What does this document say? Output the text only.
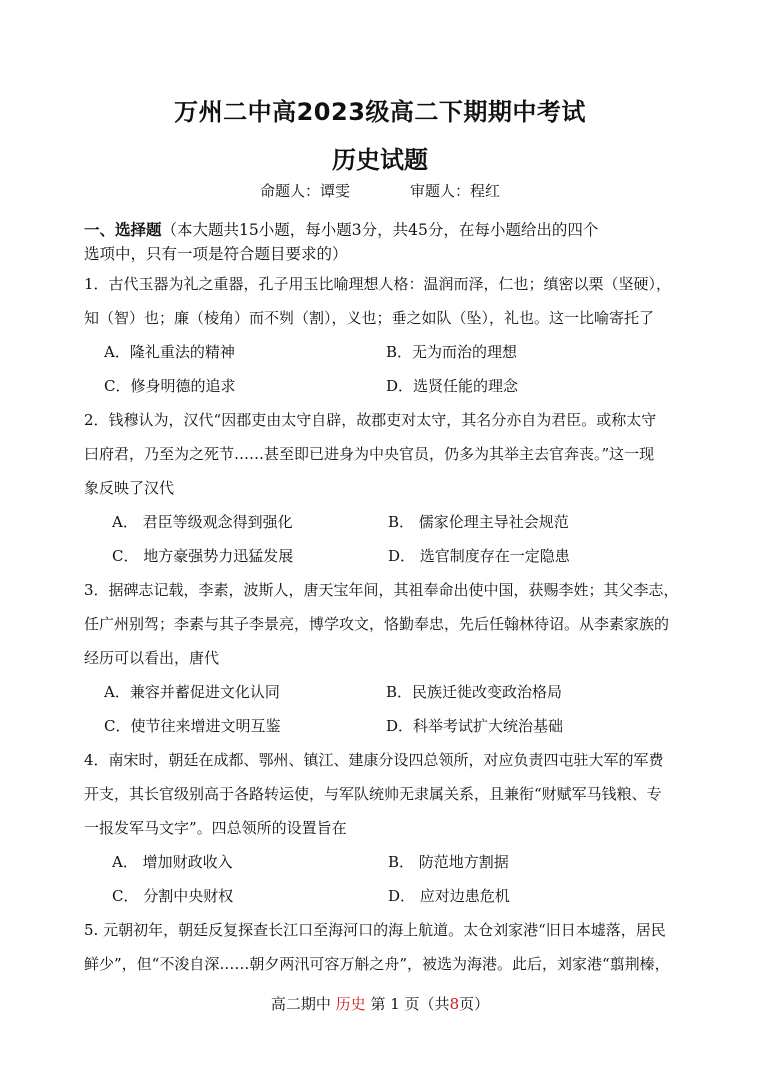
万州二中高2023级高二下期期中考试
历史试题
命题人：谭雯	审题人：程红
一、选择题（本大题共15小题，每小题3分，共45分，在每小题给出的四个
选项中，只有一项是符合题目要求的）
1．古代玉器为礼之重器，孔子用玉比喻理想人格：温润而泽，仁也；缜密以栗（坚硬），
知（智）也；廉（棱角）而不刿（割），义也；垂之如队（坠），礼也。这一比喻寄托了
A．隆礼重法的精神	B．无为而治的理想
C．修身明德的追求	D．选贤任能的理念
2．钱穆认为，汉代“因郡吏由太守自辟，故郡吏对太守，其名分亦自为君臣。或称太守
曰府君，乃至为之死节……甚至即已进身为中央官员，仍多为其举主去官奔丧。”这一现
象反映了汉代
A． 君臣等级观念得到强化	B． 儒家伦理主导社会规范
C． 地方豪强势力迅猛发展	D． 选官制度存在一定隐患
3．据碑志记载，李素，波斯人，唐天宝年间，其祖奉命出使中国，获赐李姓；其父李志，
任广州别驾；李素与其子李景亮，博学攻文，恪勤奉忠，先后任翰林待诏。从李素家族的
经历可以看出，唐代
A．兼容并蓄促进文化认同	B．民族迁徙改变政治格局
C．使节往来增进文明互鉴	D．科举考试扩大统治基础
4．南宋时，朝廷在成都、鄂州、镇江、建康分设四总领所，对应负责四屯驻大军的军费
开支，其长官级别高于各路转运使，与军队统帅无隶属关系，且兼衔“财赋军马钱粮、专
一报发军马文字”。四总领所的设置旨在
A． 增加财政收入	B． 防范地方割据
C． 分割中央财权	D． 应对边患危机
5. 元朝初年，朝廷反复探查长江口至海河口的海上航道。太仓刘家港“旧日本墟落，居民
鲜少”，但“不浚自深……朝夕两汛可容万斛之舟”，被选为海港。此后，刘家港“翦荆榛，
高二期中 历史 第 1 页（共8页）
